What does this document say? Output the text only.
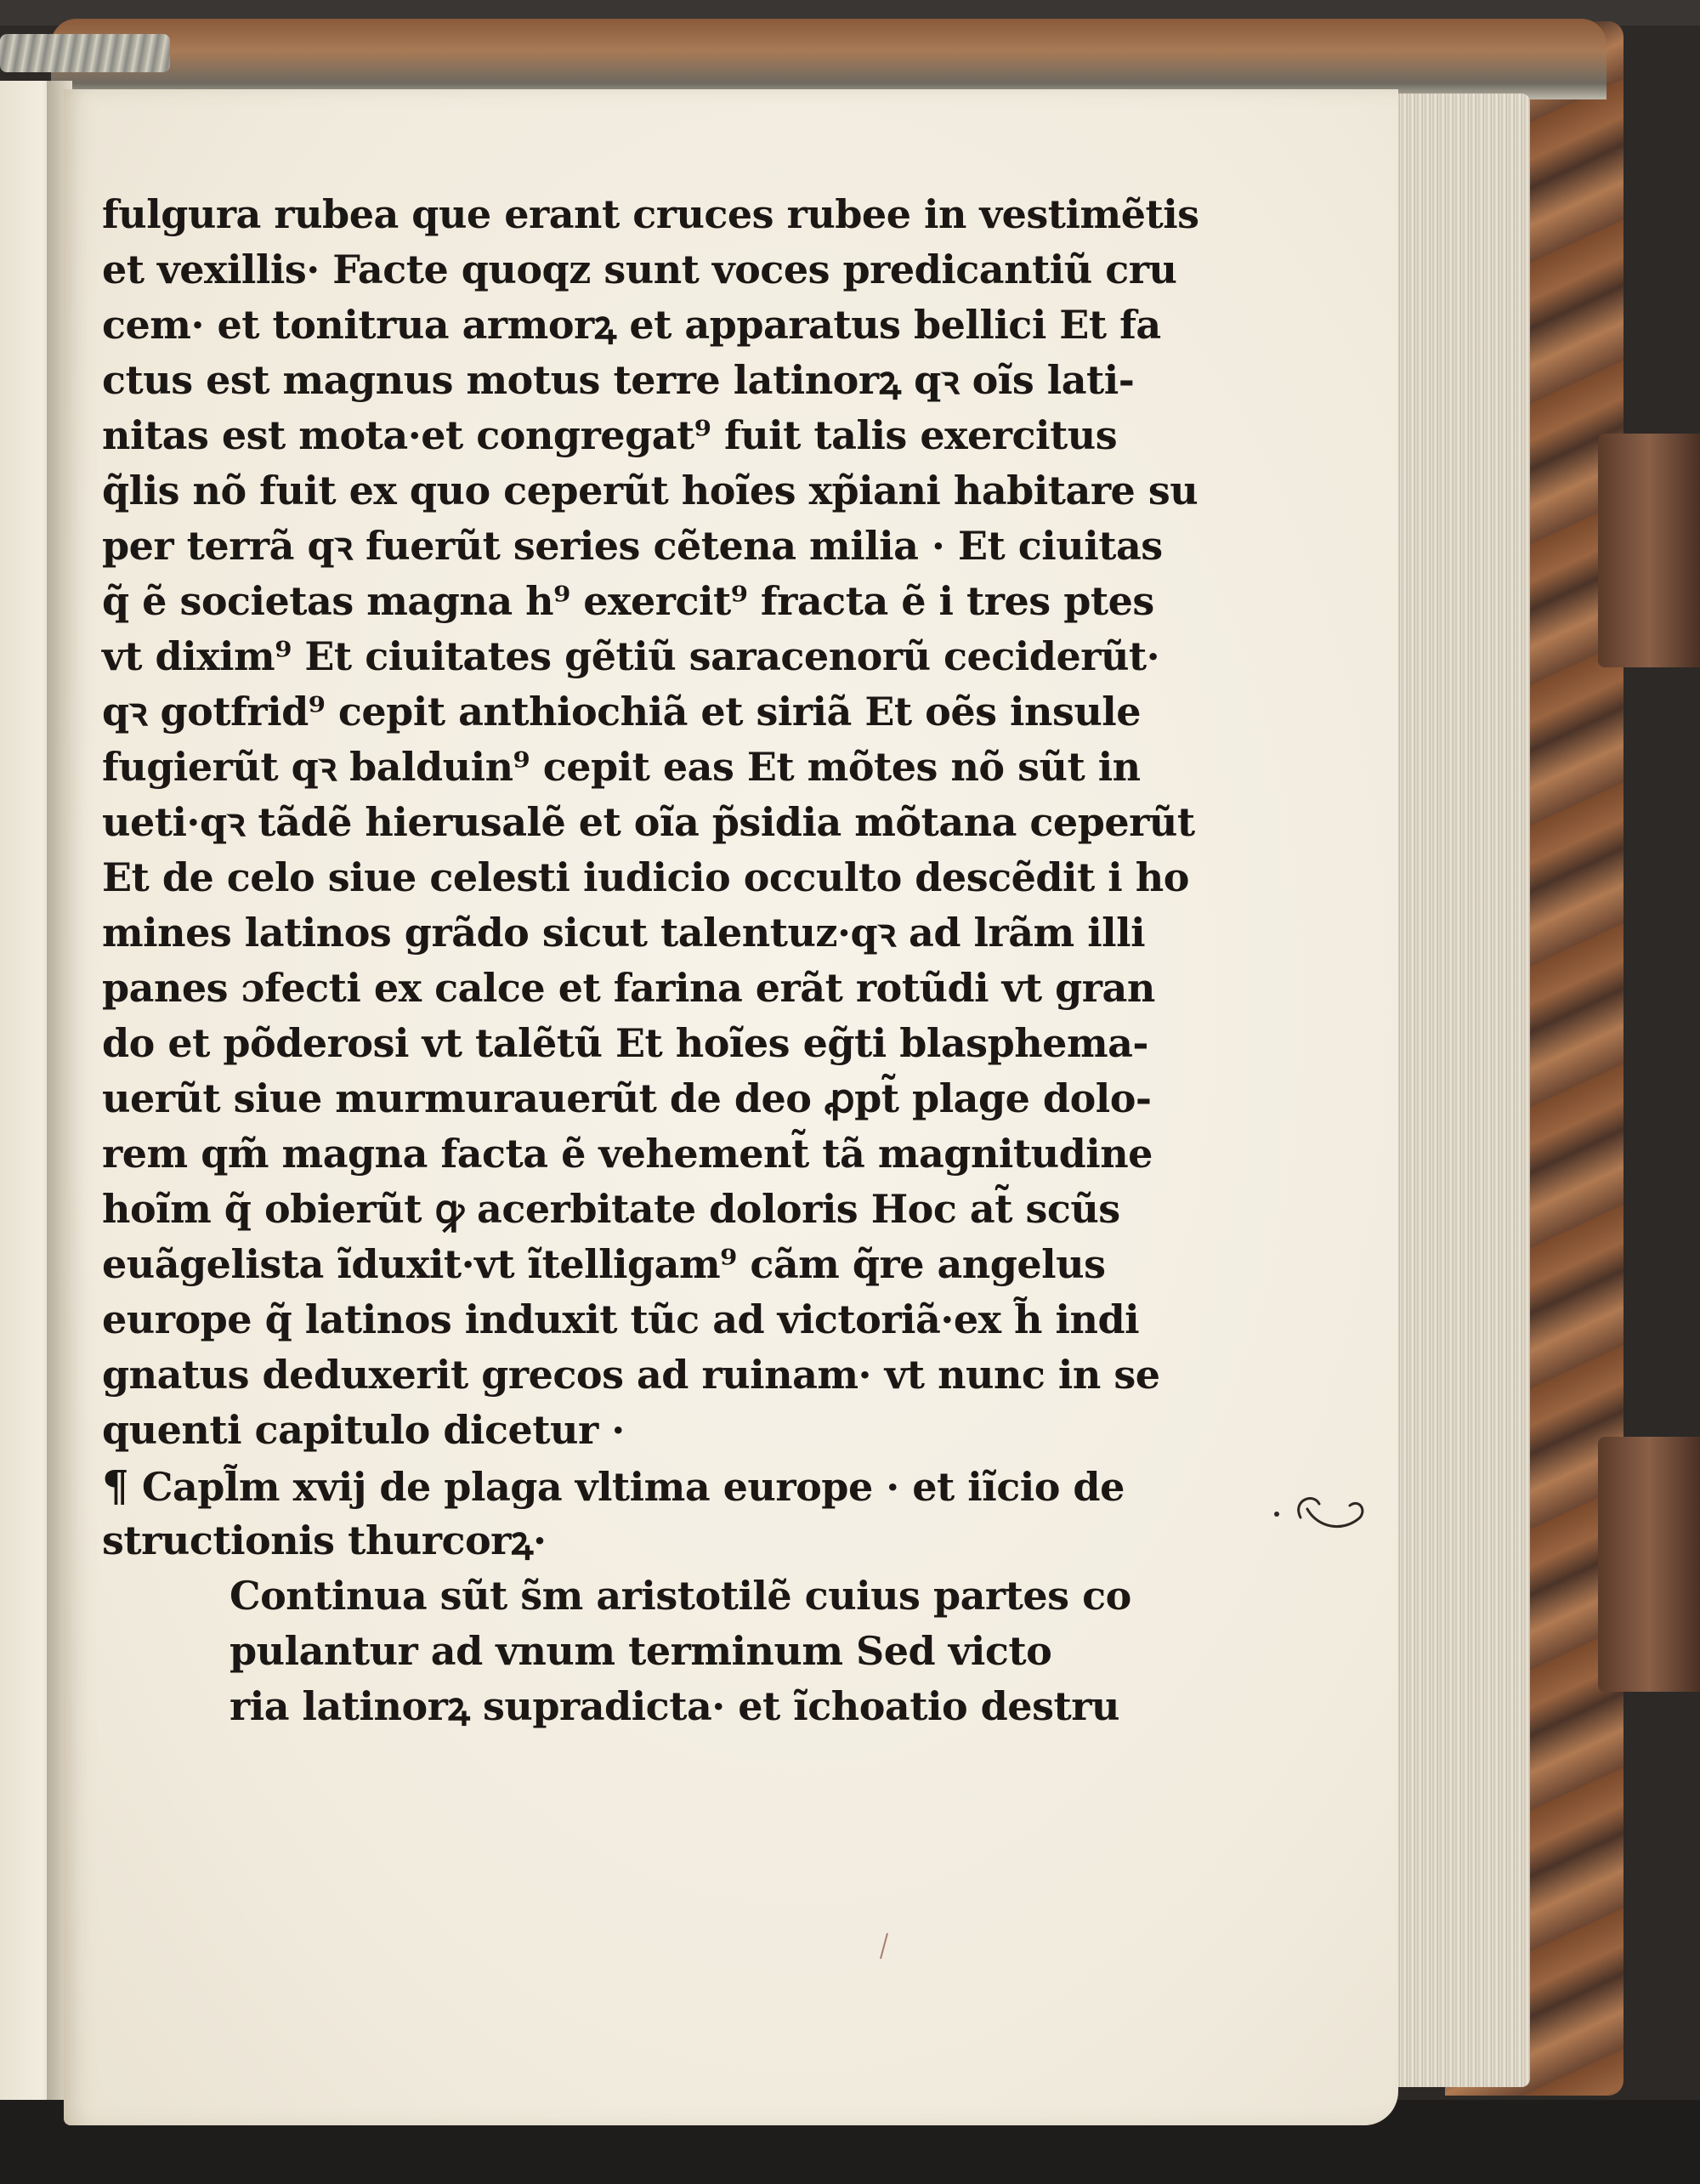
fulgura rubea que erant cruces rubee in vestimẽtis
et vexillis· Facte quoqz sunt voces predicantiũ cru
cem· et tonitrua armorꝝ et apparatus bellici Et fa
ctus est magnus motus terre latinorꝝ qꝛ oĩs lati-
nitas est mota·et congregat⁹ fuit talis exercitus
q̃lis nõ fuit ex quo ceperũt hoĩes xp̃iani habitare su
per terrã qꝛ fuerũt series cẽtena milia · Et ciuitas
q̃ ẽ societas magna h⁹ exercit⁹ fracta ẽ i tres ptes
vt dixim⁹ Et ciuitates gẽtiũ saracenorũ ceciderũt·
qꝛ gotfrid⁹ cepit anthiochiã et siriã Et oẽs insule
fugierũt qꝛ balduin⁹ cepit eas Et mõtes nõ sũt in
ueti·qꝛ tãdẽ hierusalẽ et oĩa p̃sidia mõtana ceperũt
Et de celo siue celesti iudicio occulto descẽdit i ho
mines latinos grãdo sicut talentuz·qꝛ ad lrãm illi
panes ɔfecti ex calce et farina erãt rotũdi vt gran
do et põderosi vt talẽtũ Et hoĩes eg̃ti blasphema-
uerũt siue murmurauerũt de deo ꝓpt̃ plage dolo-
rem qm̃ magna facta ẽ vehement̃ tã magnitudine
hoĩm q̃ obierũt ꝙ acerbitate doloris Hoc at̃ scũs
euãgelista ĩduxit·vt ĩtelligam⁹ cãm q̃re angelus
europe q̃ latinos induxit tũc ad victoriã·ex h̃ indi
gnatus deduxerit grecos ad ruinam· vt nunc in se
quenti capitulo dicetur ·
¶ Capl̃m xvij de plaga vltima europe · et iĩcio de
structionis thurcorꝝ·
Continua sũt s̃m aristotilẽ cuius partes co
pulantur ad vnum terminum Sed victo
ria latinorꝝ supradicta· et ĩchoatio destru
